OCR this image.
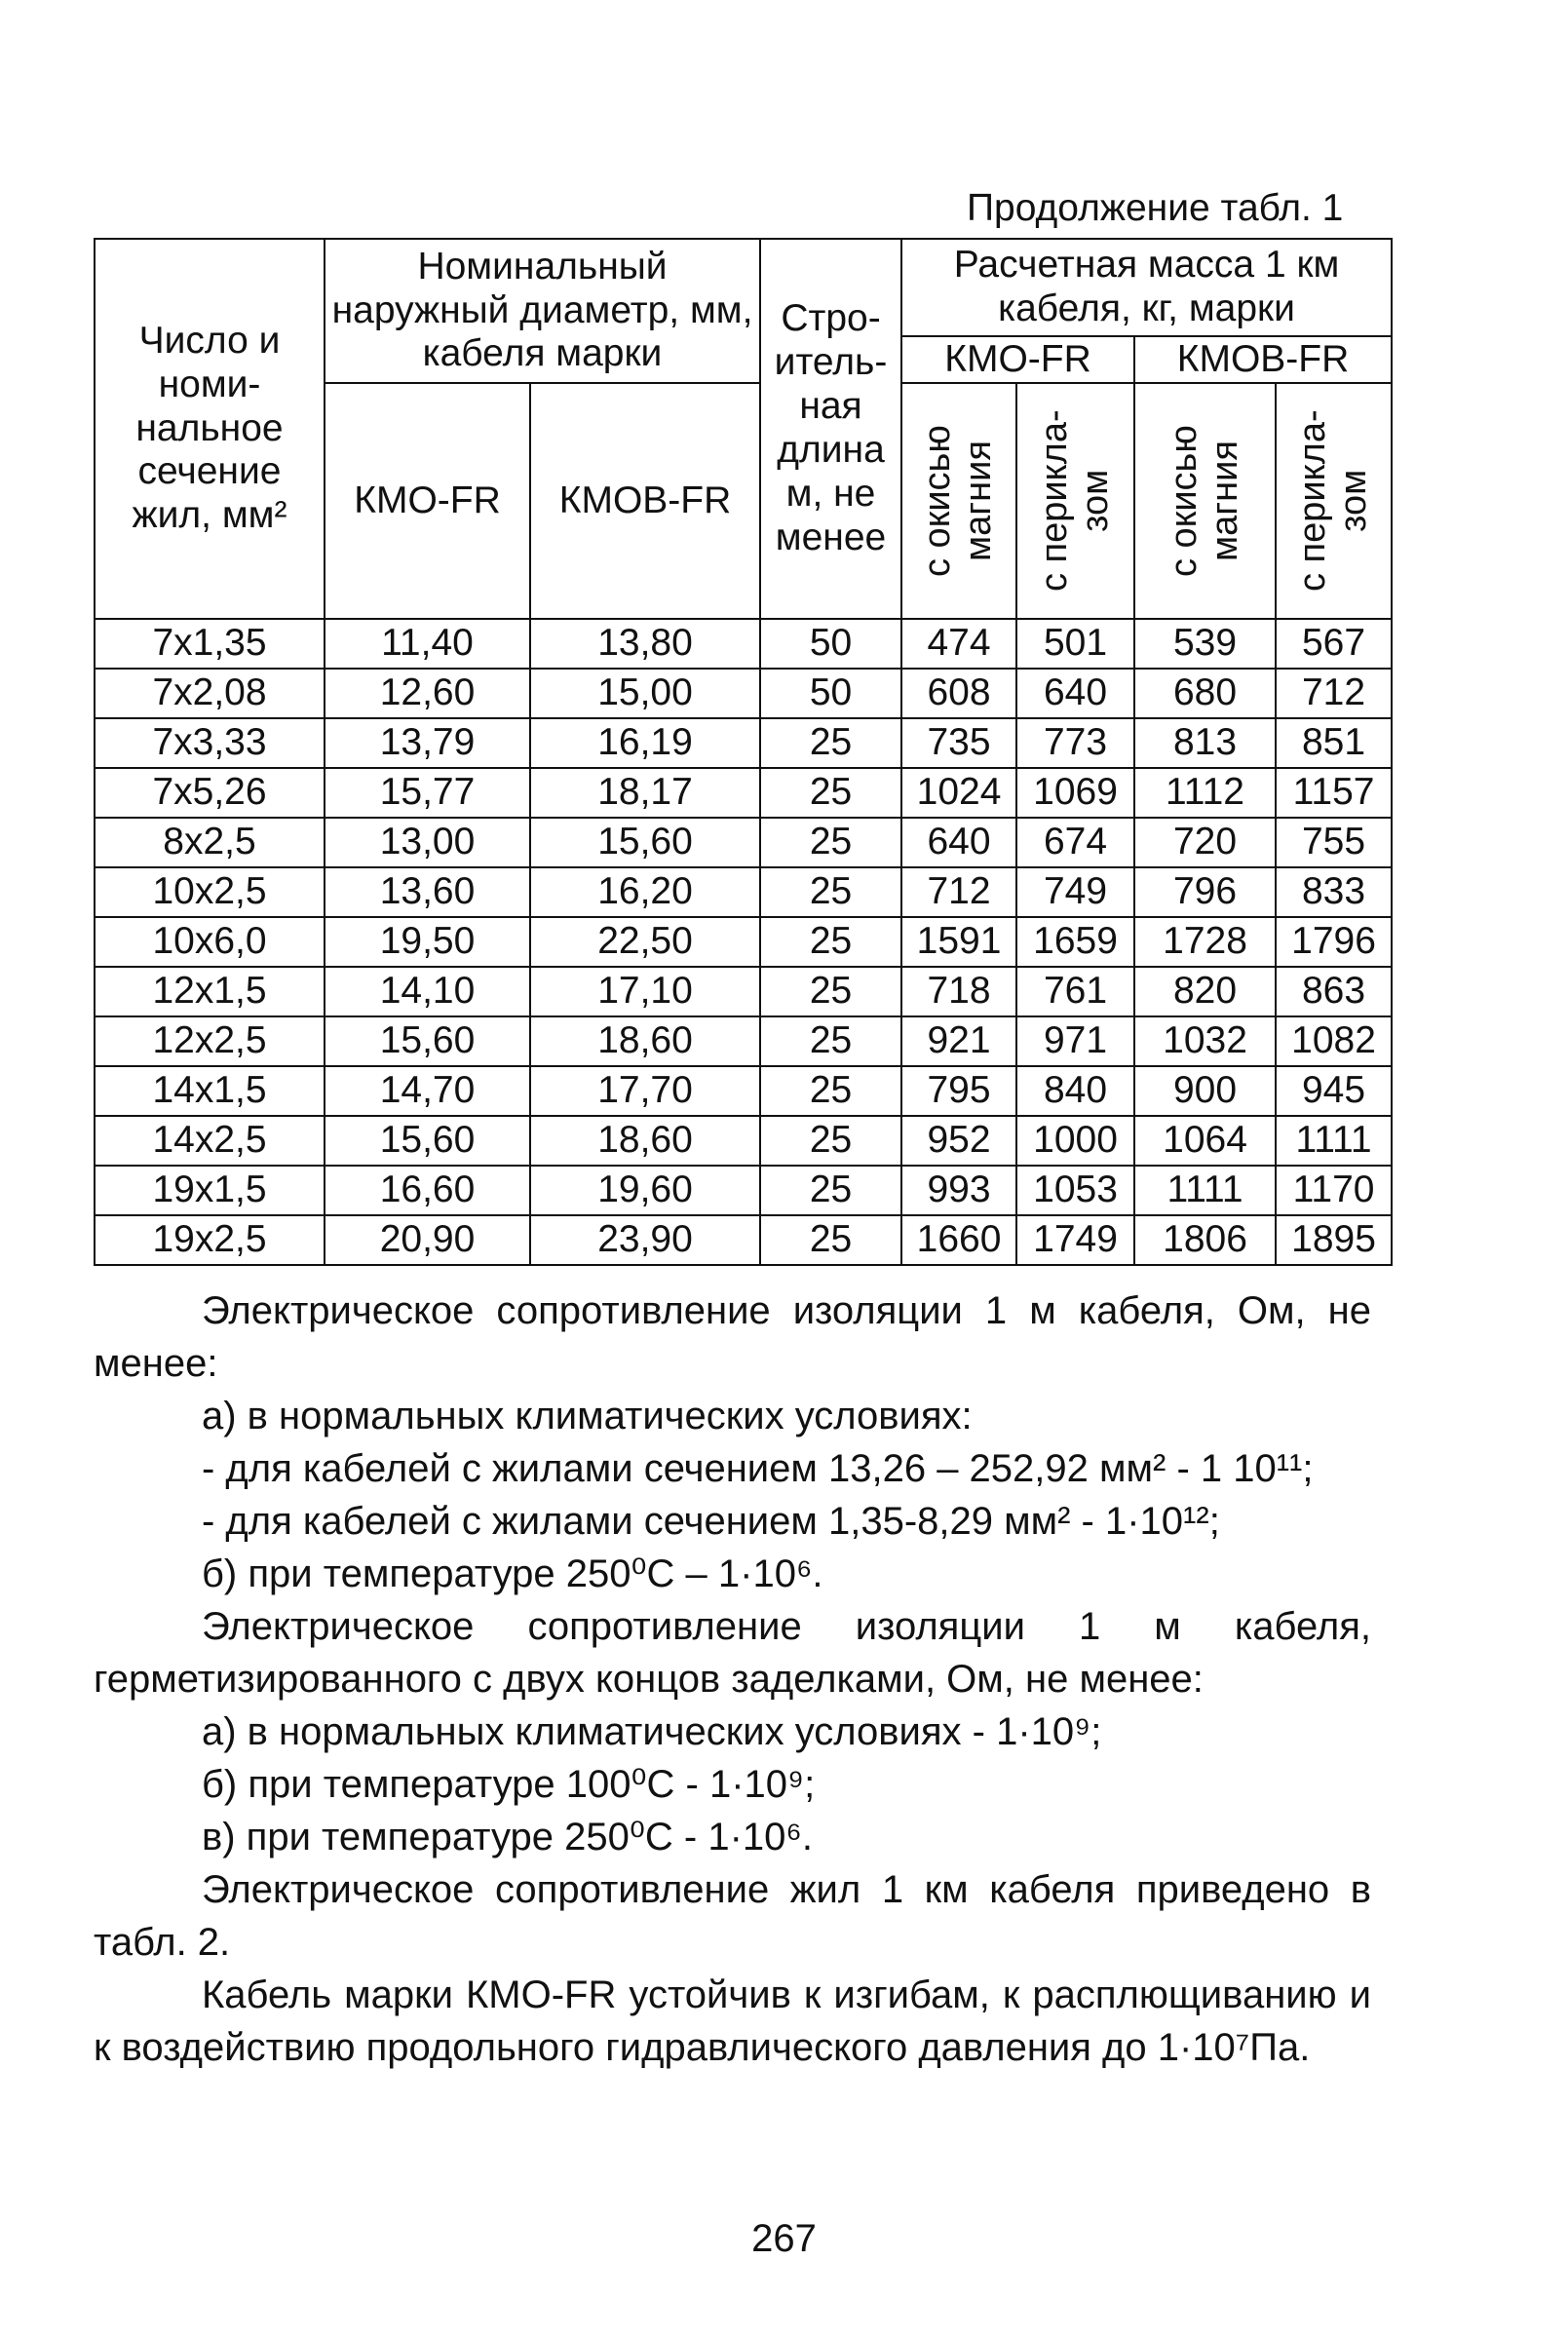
Продолжение табл. 1
Число и номи-нальное сечение жил, мм²	Номинальный наружный диаметр, мм, кабеля марки		Стро-итель-ная длина м, не менее	Расчетная масса 1 км кабеля, кг, марки			
				КМО-FR		КМОВ-FR	
	КМО-FR	КМОВ-FR		с окисью магния	с перикла-зом	с окисью магния	с перикла-зом

7х1,35	11,40	13,80	50	474	501	539	567
7х2,08	12,60	15,00	50	608	640	680	712
7х3,33	13,79	16,19	25	735	773	813	851
7х5,26	15,77	18,17	25	1024	1069	1112	1157
8х2,5	13,00	15,60	25	640	674	720	755
10х2,5	13,60	16,20	25	712	749	796	833
10х6,0	19,50	22,50	25	1591	1659	1728	1796
12х1,5	14,10	17,10	25	718	761	820	863
12х2,5	15,60	18,60	25	921	971	1032	1082
14х1,5	14,70	17,70	25	795	840	900	945
14х2,5	15,60	18,60	25	952	1000	1064	1111
19х1,5	16,60	19,60	25	993	1053	1111	1170
19х2,5	20,90	23,90	25	1660	1749	1806	1895

Электрическое сопротивление изоляции 1 м кабеля, Ом, не менее:

а) в нормальных климатических условиях:

- для кабелей с жилами сечением 13,26 – 252,92 мм² - 1 10¹¹;

- для кабелей с жилами сечением 1,35-8,29 мм² - 1·10¹²;

б) при температуре 250⁰С – 1·10⁶.

Электрическое сопротивление изоляции 1 м кабеля, герметизированного с двух концов заделками, Ом, не менее:

а) в нормальных климатических условиях - 1·10⁹;

б) при температуре 100⁰С - 1·10⁹;

в) при температуре 250⁰С - 1·10⁶.

Электрическое сопротивление жил 1 км кабеля приведено в табл. 2.

Кабель марки КМО-FR устойчив к изгибам, к расплющиванию и к воздействию продольного гидравлического давления до 1·10⁷Па.

267
